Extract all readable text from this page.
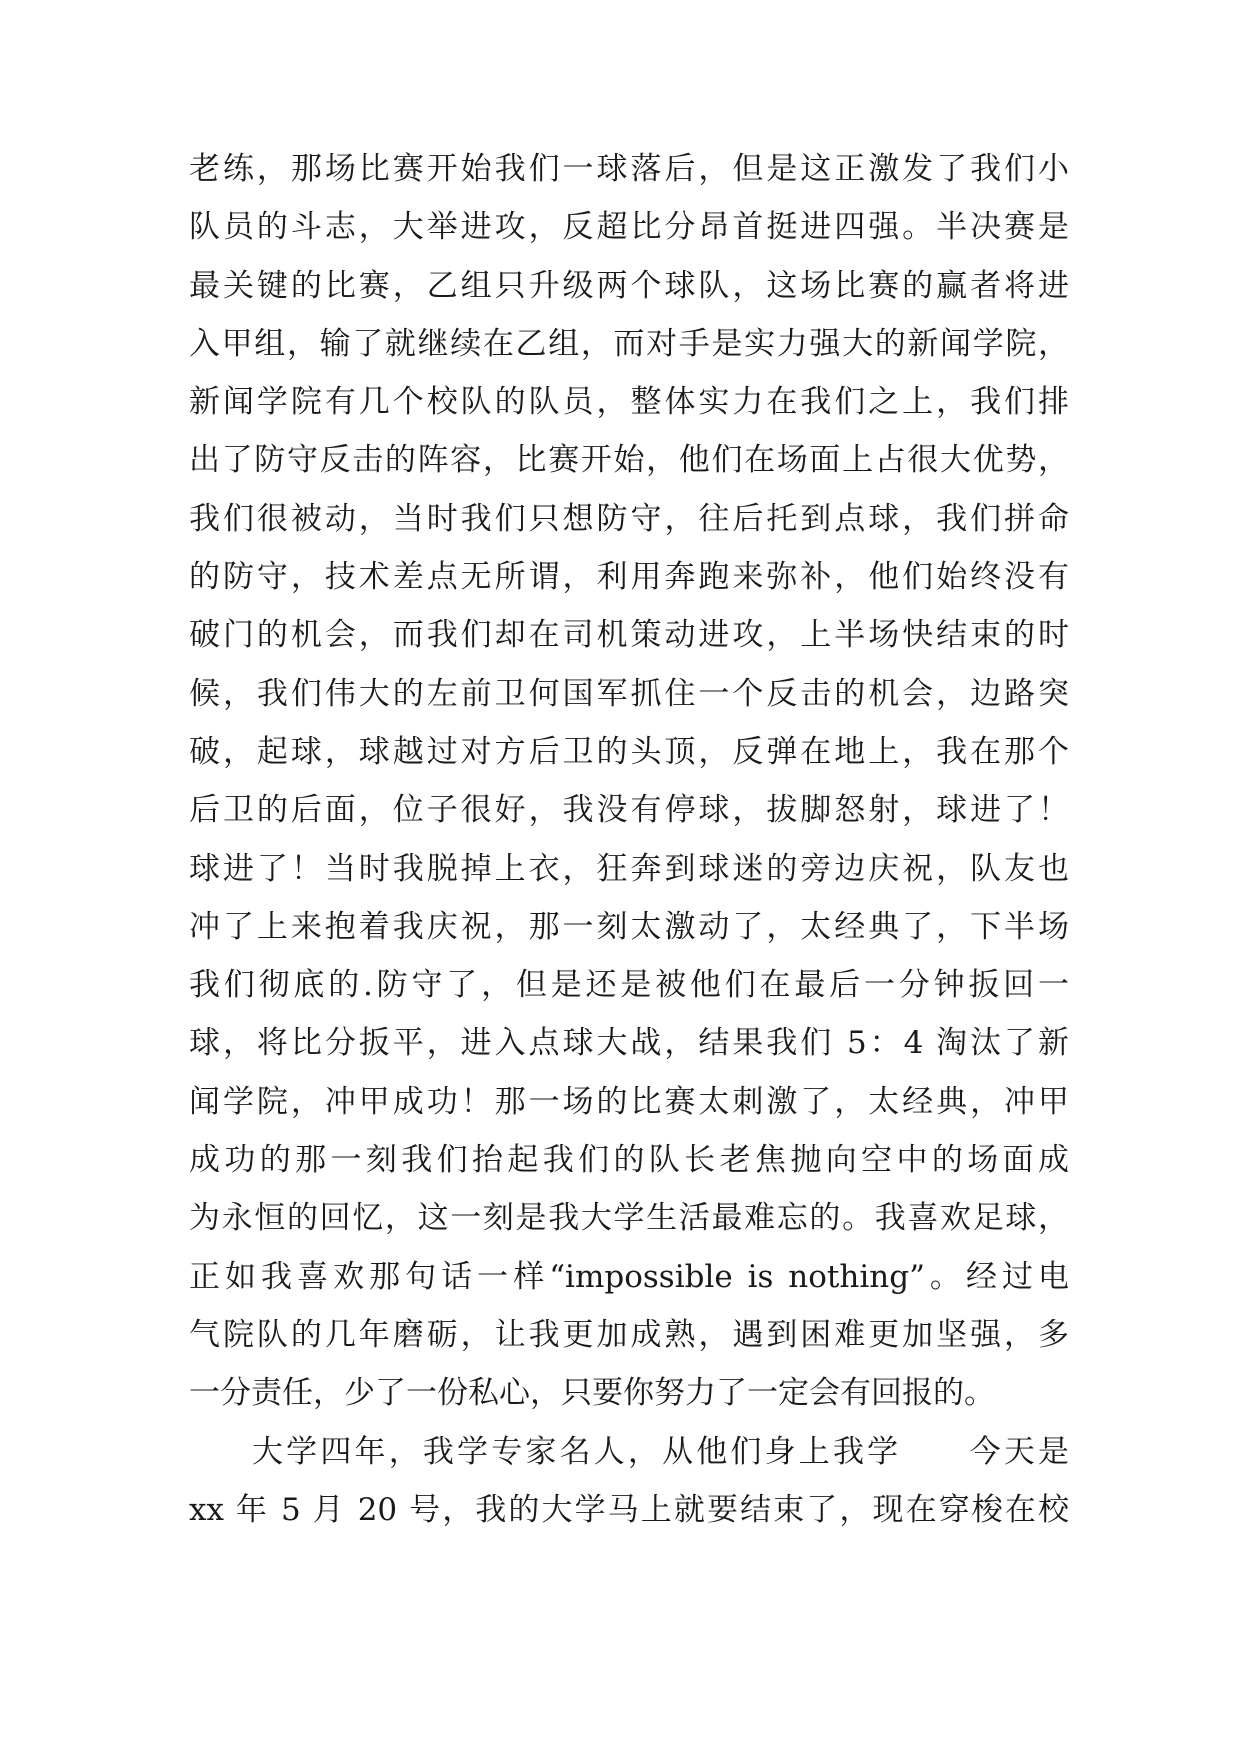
老练，那场比赛开始我们一球落后，但是这正激发了我们小
队员的斗志，大举进攻，反超比分昂首挺进四强。半决赛是
最关键的比赛，乙组只升级两个球队，这场比赛的赢者将进
入甲组，输了就继续在乙组，而对手是实力强大的新闻学院，
新闻学院有几个校队的队员，整体实力在我们之上，我们排
出了防守反击的阵容，比赛开始，他们在场面上占很大优势，
我们很被动，当时我们只想防守，往后托到点球，我们拼命
的防守，技术差点无所谓，利用奔跑来弥补，他们始终没有
破门的机会，而我们却在司机策动进攻，上半场快结束的时
候，我们伟大的左前卫何国军抓住一个反击的机会，边路突
破，起球，球越过对方后卫的头顶，反弹在地上，我在那个
后卫的后面，位子很好，我没有停球，拔脚怒射，球进了！
球进了！当时我脱掉上衣，狂奔到球迷的旁边庆祝，队友也
冲了上来抱着我庆祝，那一刻太激动了，太经典了，下半场
我们彻底的.防守了，但是还是被他们在最后一分钟扳回一
球，将比分扳平，进入点球大战，结果我们 5：4 淘汰了新
闻学院，冲甲成功！那一场的比赛太刺激了，太经典，冲甲
成功的那一刻我们抬起我们的队长老焦抛向空中的场面成
为永恒的回忆，这一刻是我大学生活最难忘的。我喜欢足球，
正如我喜欢那句话一样“impossible is nothing”。经过电
气院队的几年磨砺，让我更加成熟，遇到困难更加坚强，多
一分责任，少了一份私心，只要你努力了一定会有回报的。
大学四年，我学专家名人，从他们身上我学　　今天是
xx 年 5 月 20 号，我的大学马上就要结束了，现在穿梭在校
